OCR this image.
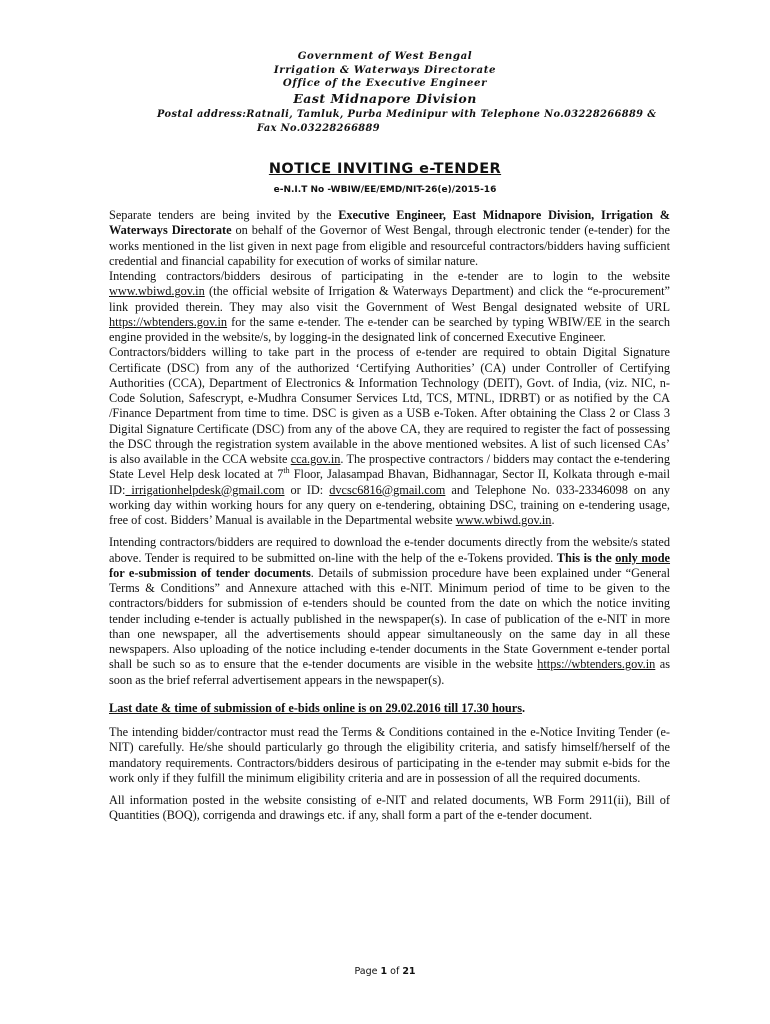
Government of West Bengal
Irrigation & Waterways Directorate
Office of the Executive Engineer
East Midnapore Division
Postal address:Ratnali, Tamluk, Purba Medinipur with Telephone No.03228266889 &
Fax No.03228266889
NOTICE INVITING e-TENDER
e-N.I.T No -WBIW/EE/EMD/NIT-26(e)/2015-16

Separate tenders are being invited by the Executive Engineer, East Midnapore Division, Irrigation & Waterways Directorate on behalf of the Governor of West Bengal, through electronic tender (e-tender) for the works mentioned in the list given in next page from eligible and resourceful contractors/bidders having sufficient credential and financial capability for execution of works of similar nature.

Intending contractors/bidders desirous of participating in the e-tender are to login to the website www.wbiwd.gov.in (the official website of Irrigation & Waterways Department) and click the “e-procurement” link provided therein. They may also visit the Government of West Bengal designated website of URL https://wbtenders.gov.in for the same e-tender. The e-tender can be searched by typing WBIW/EE in the search engine provided in the website/s, by logging-in the designated link of concerned Executive Engineer.

Contractors/bidders willing to take part in the process of e-tender are required to obtain Digital Signature Certificate (DSC) from any of the authorized ‘Certifying Authorities’ (CA) under Controller of Certifying Authorities (CCA), Department of Electronics & Information Technology (DEIT), Govt. of India, (viz. NIC, n-Code Solution, Safescrypt, e-Mudhra Consumer Services Ltd, TCS, MTNL, IDRBT) or as notified by the CA /Finance Department from time to time. DSC is given as a USB e-Token. After obtaining the Class 2 or Class 3 Digital Signature Certificate (DSC) from any of the above CA, they are required to register the fact of possessing the DSC through the registration system available in the above mentioned websites. A list of such licensed CAs’ is also available in the CCA website cca.gov.in. The prospective contractors / bidders may contact the e-tendering State Level Help desk located at 7th Floor, Jalasampad Bhavan, Bidhannagar, Sector II, Kolkata through e-mail ID: irrigationhelpdesk@gmail.com or ID: dvcsc6816@gmail.com and Telephone No. 033-23346098 on any working day within working hours for any query on e-tendering, obtaining DSC, training on e-tendering usage, free of cost. Bidders’ Manual is available in the Departmental website www.wbiwd.gov.in.

Intending contractors/bidders are required to download the e-tender documents directly from the website/s stated above. Tender is required to be submitted on-line with the help of the e-Tokens provided. This is the only mode for e-submission of tender documents. Details of submission procedure have been explained under “General Terms & Conditions” and Annexure attached with this e-NIT. Minimum period of time to be given to the contractors/bidders for submission of e-tenders should be counted from the date on which the notice inviting tender including e-tender is actually published in the newspaper(s). In case of publication of the e-NIT in more than one newspaper, all the advertisements should appear simultaneously on the same day in all these newspapers. Also uploading of the notice including e-tender documents in the State Government e-tender portal shall be such so as to ensure that the e-tender documents are visible in the website https://wbtenders.gov.in as soon as the brief referral advertisement appears in the newspaper(s).

Last date & time of submission of e-bids online is on 29.02.2016 till 17.30 hours.

The intending bidder/contractor must read the Terms & Conditions contained in the e-Notice Inviting Tender (e-NIT) carefully. He/she should particularly go through the eligibility criteria, and satisfy himself/herself of the mandatory requirements. Contractors/bidders desirous of participating in the e-tender may submit e-bids for the work only if they fulfill the minimum eligibility criteria and are in possession of all the required documents.

All information posted in the website consisting of e-NIT and related documents, WB Form 2911(ii), Bill of Quantities (BOQ), corrigenda and drawings etc. if any, shall form a part of the e-tender document.

Page 1 of 21
